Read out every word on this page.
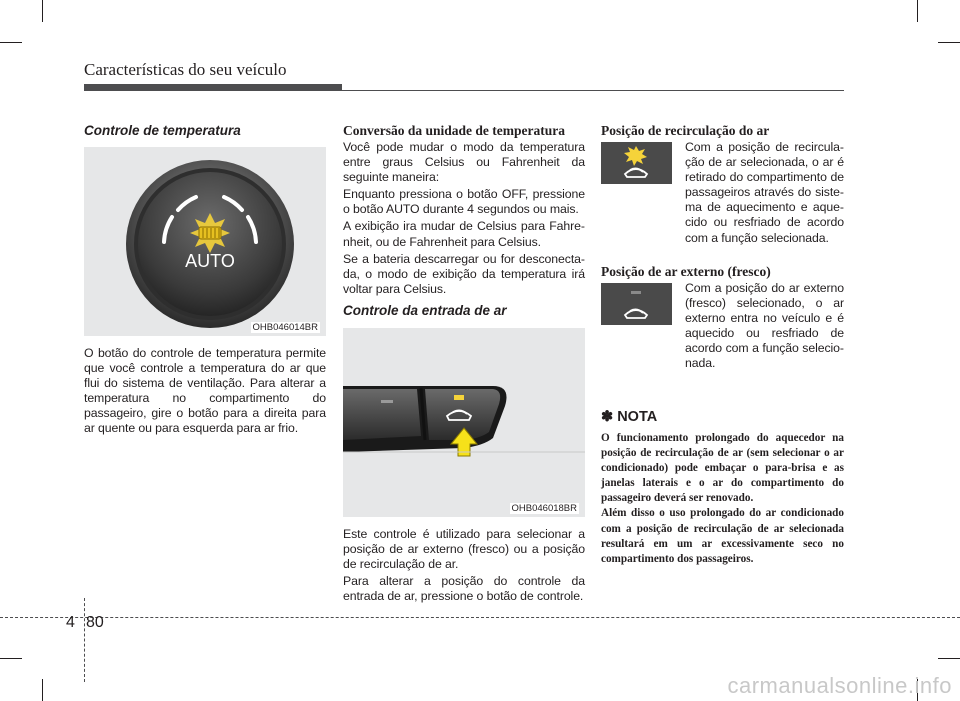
Características do seu veículo
Controle de temperatura
AUTO
OHB046014BR

O botão do controle de temperatura permite que você controle a temperatura do ar que flui do sistema de ventilação. Para alterar a temperatura no compartimento do passageiro, gire o botão para a direita para ar quente ou para esquerda para ar frio.

Conversão da unidade de temperatura

Você pode mudar o modo da temperatura entre graus Celsius ou Fahrenheit da seguinte maneira:

Enquanto pressiona o botão OFF, pressione o botão AUTO durante 4 segundos ou mais.

A exibição ira mudar de Celsius para Fahrenheit, ou de Fahrenheit para Celsius.

Se a bateria descarregar ou for desconectada, o modo de exibição da temperatura irá voltar para Celsius.

Controle da entrada de ar
OHB046018BR

Este controle é utilizado para selecionar a posição de ar externo (fresco) ou a posição de recirculação de ar.

Para alterar a posição do controle da entrada de ar, pressione o botão de controle.

Posição de recirculação do ar
Com a posição de recirculação de ar selecionada, o ar é retirado do compartimento de passageiros através do sistema de aquecimento e aquecido ou resfriado de acordo com a função selecionada.
Posição de ar externo (fresco)
Com a posição do ar externo (fresco) selecionado, o ar externo entra no veículo e é aquecido ou resfriado de acordo com a função selecionada.
✽ NOTA

O funcionamento prolongado do aquecedor na posição de recirculação de ar (sem selecionar o ar condicionado) pode embaçar o para-brisa e as janelas laterais e o ar do compartimento do passageiro deverá ser renovado.

Além disso o uso prolongado do ar condicionado com a posição de recirculação de ar selecionada resultará em um ar excessivamente seco no compartimento dos passageiros.

4 80
carmanualsonline.info
